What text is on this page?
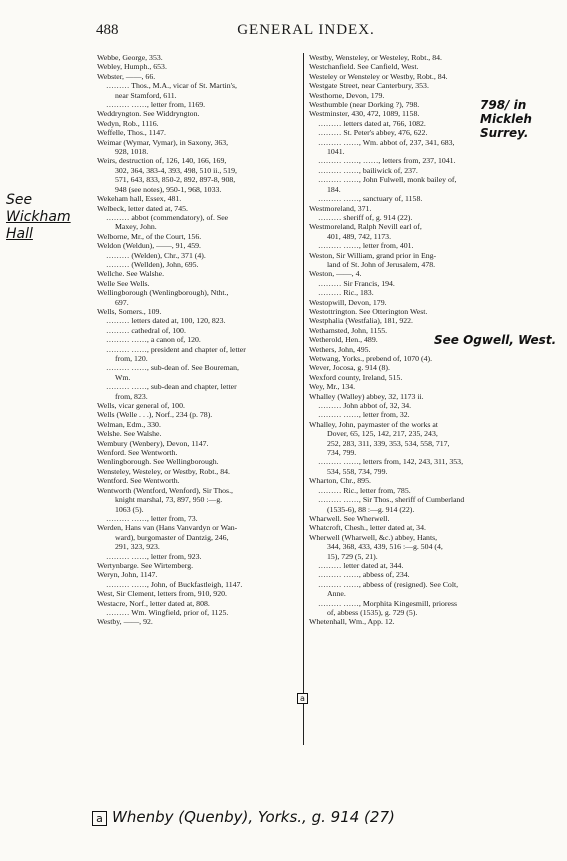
488	GENERAL INDEX.
Webbe, George, 353.
Webley, Humph., 653.
Webster, ——, 66.
……… Thos., M.A., vicar of St. Martin's,
near Stamford, 611.
……… ……, letter from, 1169.
Weddryngton. See Widdryngton.
Wedyn, Rob., 1116.
Weffelle, Thos., 1147.
Weimar (Wymar, Vymar), in Saxony, 363,
928, 1018.
Weirs, destruction of, 126, 140, 166, 169,
302, 364, 383-4, 393, 498, 510 ii., 519,
571, 643, 833, 850-2, 892, 897-8, 908,
948 (see notes), 950-1, 968, 1033.
Wekeham hall, Essex, 481.
Welbeck, letter dated at, 745.
……… abbot (commendatory), of. See
Maxey, John.
Welborne, Mr., of the Court, 156.
Weldon (Weldun), ——, 91, 459.
……… (Welden), Chr., 371 (4).
……… (Wellden), John, 695.
Wellche. See Walshe.
Welle See Wells.
Wellingborough (Wenlingborough), Ntht.,
697.
Wells, Somers., 109.
……… letters dated at, 100, 120, 823.
……… cathedral of, 100.
……… ……, a canon of, 120.
……… ……, president and chapter of, letter
from, 120.
……… ……, sub-dean of. See Boureman,
Wm.
……… ……, sub-dean and chapter, letter
from, 823.
Wells, vicar general of, 100.
Wells (Welle . . .), Norf., 234 (p. 78).
Welman, Edm., 330.
Welshe. See Walshe.
Wembury (Wenbery), Devon, 1147.
Wenford. See Wentworth.
Wenlingborough. See Wellingborough.
Wensteley, Westeley, or Westby, Robt., 84.
Wentford. See Wentworth.
Wentworth (Wentford, Wenford), Sir Thos.,
knight marshal, 73, 897, 950 :—g.
1063 (5).
……… ……, letter from, 73.
Werden, Hans van (Hans Vanvardyn or Wan-
ward), burgomaster of Dantzig, 246,
291, 323, 923.
……… ……, letter from, 923.
Wertynbarge. See Wirtemberg.
Weryn, John, 1147.
……… ……, John, of Buckfastleigh, 1147.
West, Sir Clement, letters from, 910, 920.
Westacre, Norf., letter dated at, 808.
……… Wm. Wingfield, prior of, 1125.
Westby, ——, 92.
Westby, Wensteley, or Westeley, Robt., 84.
Westchanfield. See Canfield, West.
Westeley or Wensteley or Westby, Robt., 84.
Westgate Street, near Canterbury, 353.
Westhorne, Devon, 179.
Westhumble (near Dorking ?), 798.
Westminster, 430, 472, 1089, 1158.
……… letters dated at, 766, 1082.
……… St. Peter's abbey, 476, 622.
……… ……, Wm. abbot of, 237, 341, 683,
1041.
……… ……, ……, letters from, 237, 1041.
……… ……, bailiwick of, 237.
……… ……, John Fulwell, monk bailey of,
184.
……… ……, sanctuary of, 1158.
Westmoreland, 371.
……… sheriff of, g. 914 (22).
Westmoreland, Ralph Nevill earl of,
401, 489, 742, 1173.
……… ……, letter from, 401.
Weston, Sir William, grand prior in Eng-
land of St. John of Jerusalem, 478.
Weston, ——, 4.
……… Sir Francis, 194.
……… Ric., 183.
Westopwill, Devon, 179.
Westottrington. See Otterington West.
Westphalia (Westfalia), 181, 922.
Wethamsted, John, 1155.
Wetherold, Hen., 489.
Wethers, John, 495.
Wetwang, Yorks., prebend of, 1070 (4).
Wever, Jocosa, g. 914 (8).
Wexford county, Ireland, 515.
Wey, Mr., 134.
Whalley (Walley) abbey, 32, 1173 ii.
……… John abbot of, 32, 34.
……… ……, letter from, 32.
Whalley, John, paymaster of the works at
Dover, 65, 125, 142, 217, 235, 243,
252, 283, 311, 339, 353, 534, 558, 717,
734, 799.
……… ……, letters from, 142, 243, 311, 353,
534, 558, 734, 799.
Wharton, Chr., 895.
……… Ric., letter from, 785.
……… ……, Sir Thos., sheriff of Cumberland
(1535-6), 88 :—g. 914 (22).
Wharwell. See Wherwell.
Whatcroft, Chesh., letter dated at, 34.
Wherwell (Wharwell, &c.) abbey, Hants,
344, 368, 433, 439, 516 :—g. 504 (4,
15), 729 (5, 21).
……… letter dated at, 344.
……… ……, abbess of, 234.
……… ……, abbess of (resigned). See Colt,
Anne.
……… ……, Morphita Kingesmill, prioress
of, abbess (1535), g. 729 (5).
Whetenhall, Wm., App. 12.
a
See
Wickham
Hall
798/ in Mickleh
Surrey.
See Ogwell, West.
a Whenby (Quenby), Yorks., g. 914 (27)
